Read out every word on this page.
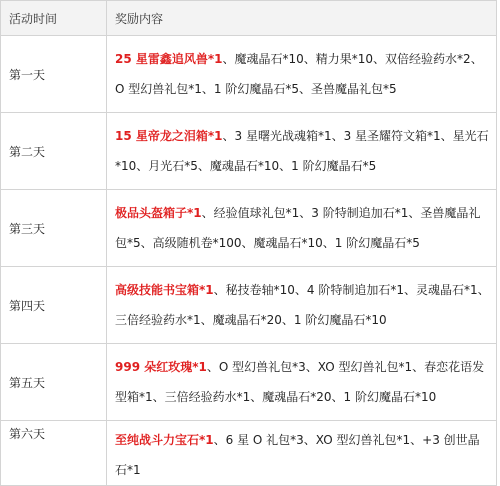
活动时间	奖励内容
第一天	25 星雷鑫追风兽*1、魔魂晶石*10、精力果*10、双倍经验药水*2、O 型幻兽礼包*1、1 阶幻魔晶石*5、圣兽魔晶礼包*5
第二天	15 星帝龙之泪箱*1、3 星曙光战魂箱*1、3 星圣耀符文箱*1、星光石*10、月光石*5、魔魂晶石*10、1 阶幻魔晶石*5
第三天	极品头盔箱子*1、经验值球礼包*1、3 阶特制追加石*1、圣兽魔晶礼包*5、高级随机卷*100、魔魂晶石*10、1 阶幻魔晶石*5
第四天	高级技能书宝箱*1、秘技卷轴*10、4 阶特制追加石*1、灵魂晶石*1、三倍经验药水*1、魔魂晶石*20、1 阶幻魔晶石*10
第五天	999 朵红玫瑰*1、O 型幻兽礼包*3、XO 型幻兽礼包*1、春恋花语发型箱*1、三倍经验药水*1、魔魂晶石*20、1 阶幻魔晶石*10
第六天	至纯战斗力宝石*1、6 星 O 礼包*3、XO 型幻兽礼包*1、+3 创世晶石*1
